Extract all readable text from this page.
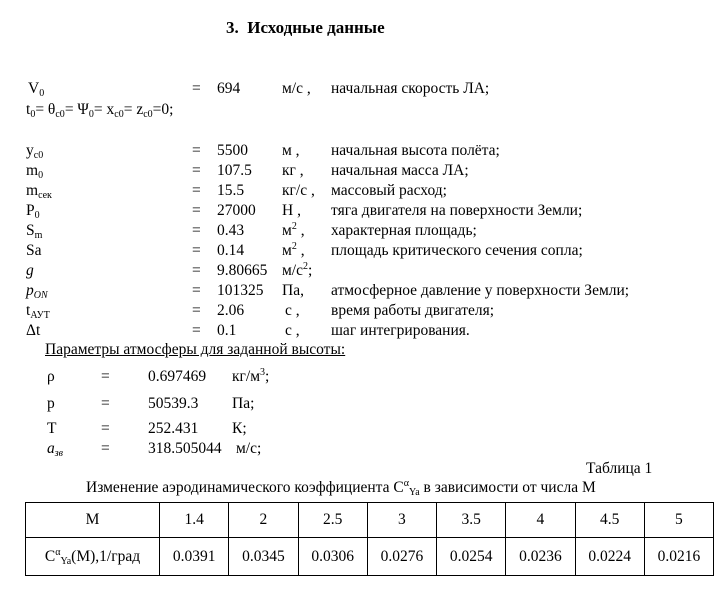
3. Исходные данные
$V_0$	= 694	м/с , начальная скорость ЛА;
$t_0= \theta_{c0}= \Psi_0= x_{c0}= z_{c0}=0$;
$y_{c0}$	= 5500 м , начальная высота полёта;
$m_0$	= 107.5 кг , начальная масса ЛА;
$m_{сек}$	= 15.5 кг/с , массовый расход;
$P_0$	= 27000 Н , тяга двигателя на поверхности Земли;
$S_m$	= 0.43 $м^2$ , характерная площадь;
Sa	= 0.14 $м^2$ , площадь критического сечения сопла;
g	= 9.80665 $м/с^2$;
$p_{ON}$	= 101325 Па, атмосферное давление у поверхности Земли;
$t_{АУТ}$	= 2.06	с , время работы двигателя;
Δt	= 0.1	с , шаг интегрирования.
Параметры атмосферы для заданной высоты:
ρ	= 0.697469 $кг/м^3$;
p	= 50539.3 Па;
T	= 252.431 К;
$a_{зв} = 318.505044$ м/с;
Таблица 1
Изменение аэродинамического коэффициента $C^\alpha_{Ya}$ в зависимости от числа М
M	1.4	2	2.5	3	3.5	4	4.5	5
$C^\alpha_{Ya}(M),1$/град	0.0391	0.0345	0.0306	0.0276	0.0254	0.0236	0.0224	0.0216
